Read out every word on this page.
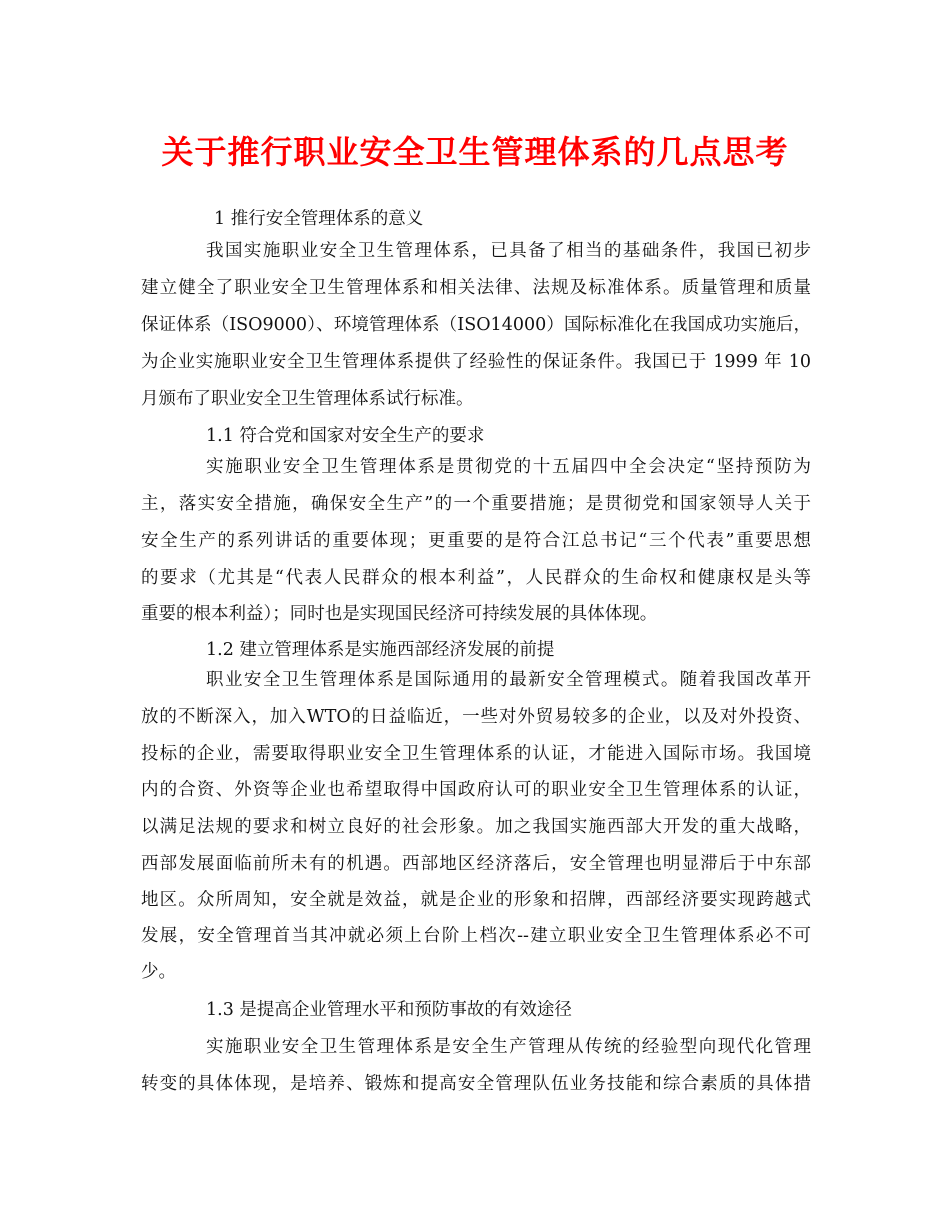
关于推行职业安全卫生管理体系的几点思考
1 推行安全管理体系的意义
我国实施职业安全卫生管理体系，已具备了相当的基础条件，我国已初步
建立健全了职业安全卫生管理体系和相关法律、法规及标准体系。质量管理和质量
保证体系（ISO9000）、环境管理体系（ISO14000）国际标准化在我国成功实施后，
为企业实施职业安全卫生管理体系提供了经验性的保证条件。我国已于 1999 年 10
月颁布了职业安全卫生管理体系试行标准。
1.1 符合党和国家对安全生产的要求
实施职业安全卫生管理体系是贯彻党的十五届四中全会决定“坚持预防为
主，落实安全措施，确保安全生产”的一个重要措施；是贯彻党和国家领导人关于
安全生产的系列讲话的重要体现；更重要的是符合江总书记“三个代表”重要思想
的要求（尤其是“代表人民群众的根本利益”，人民群众的生命权和健康权是头等
重要的根本利益）；同时也是实现国民经济可持续发展的具体体现。
1.2 建立管理体系是实施西部经济发展的前提
职业安全卫生管理体系是国际通用的最新安全管理模式。随着我国改革开
放的不断深入，加入WTO的日益临近，一些对外贸易较多的企业，以及对外投资、
投标的企业，需要取得职业安全卫生管理体系的认证，才能进入国际市场。我国境
内的合资、外资等企业也希望取得中国政府认可的职业安全卫生管理体系的认证，
以满足法规的要求和树立良好的社会形象。加之我国实施西部大开发的重大战略，
西部发展面临前所未有的机遇。西部地区经济落后，安全管理也明显滞后于中东部
地区。众所周知，安全就是效益，就是企业的形象和招牌，西部经济要实现跨越式
发展，安全管理首当其冲就必须上台阶上档次--建立职业安全卫生管理体系必不可
少。
1.3 是提高企业管理水平和预防事故的有效途径
实施职业安全卫生管理体系是安全生产管理从传统的经验型向现代化管理
转变的具体体现，是培养、锻炼和提高安全管理队伍业务技能和综合素质的具体措
